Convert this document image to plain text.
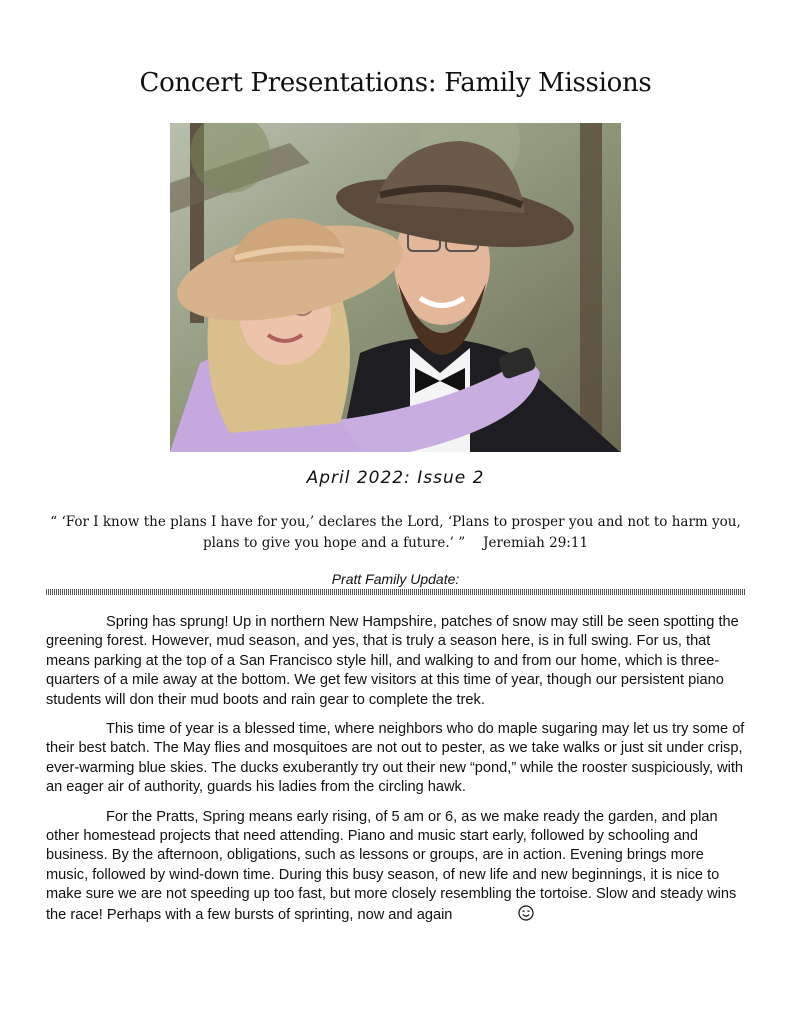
Concert Presentations: Family Missions
April 2022: Issue 2
“ ‘For I know the plans I have for you,’ declares the Lord, ‘Plans to prosper you and not to harm you, plans to give you hope and a future.’ ” Jeremiah 29:11
Pratt Family Update:

Spring has sprung! Up in northern New Hampshire, patches of snow may still be seen spotting the greening forest. However, mud season, and yes, that is truly a season here, is in full swing. For us, that means parking at the top of a San Francisco style hill, and walking to and from our home, which is three-quarters of a mile away at the bottom. We get few visitors at this time of year, though our persistent piano students will don their mud boots and rain gear to complete the trek.

This time of year is a blessed time, where neighbors who do maple sugaring may let us try some of their best batch. The May flies and mosquitoes are not out to pester, as we take walks or just sit under crisp, ever-warming blue skies. The ducks exuberantly try out their new “pond,” while the rooster suspiciously, with an eager air of authority, guards his ladies from the circling hawk.

For the Pratts, Spring means early rising, of 5 am or 6, as we make ready the garden, and plan other homestead projects that need attending. Piano and music start early, followed by schooling and business. By the afternoon, obligations, such as lessons or groups, are in action. Evening brings more music, followed by wind-down time. During this busy season, of new life and new beginnings, it is nice to make sure we are not speeding up too fast, but more closely resembling the tortoise. Slow and steady wins the race! Perhaps with a few bursts of sprinting, now and again
